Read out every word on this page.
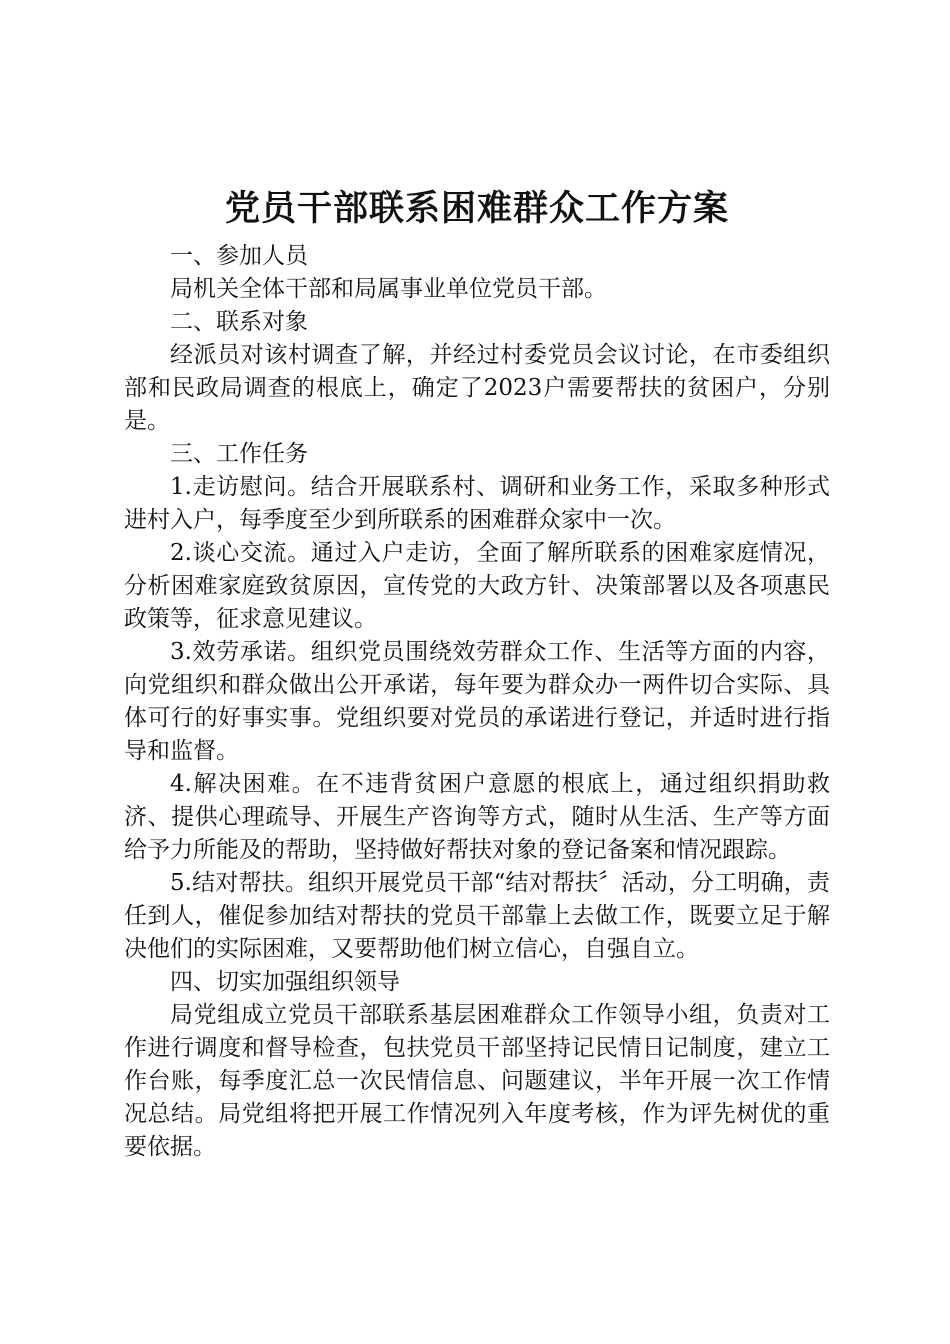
党员干部联系困难群众工作方案

一、参加人员

局机关全体干部和局属事业单位党员干部。

二、联系对象

经派员对该村调查了解，并经过村委党员会议讨论，在市委组织部和民政局调查的根底上，确定了2023户需要帮扶的贫困户，分别是。

三、工作任务

1.走访慰问。结合开展联系村、调研和业务工作，采取多种形式进村入户，每季度至少到所联系的困难群众家中一次。

2.谈心交流。通过入户走访，全面了解所联系的困难家庭情况，分析困难家庭致贫原因，宣传党的大政方针、决策部署以及各项惠民政策等，征求意见建议。

3.效劳承诺。组织党员围绕效劳群众工作、生活等方面的内容，向党组织和群众做出公开承诺，每年要为群众办一两件切合实际、具体可行的好事实事。党组织要对党员的承诺进行登记，并适时进行指导和监督。

4.解决困难。在不违背贫困户意愿的根底上，通过组织捐助救济、提供心理疏导、开展生产咨询等方式，随时从生活、生产等方面给予力所能及的帮助，坚持做好帮扶对象的登记备案和情况跟踪。

5.结对帮扶。组织开展党员干部“结对帮扶〞活动，分工明确，责任到人，催促参加结对帮扶的党员干部靠上去做工作，既要立足于解决他们的实际困难，又要帮助他们树立信心，自强自立。

四、切实加强组织领导

局党组成立党员干部联系基层困难群众工作领导小组，负责对工作进行调度和督导检查，包扶党员干部坚持记民情日记制度，建立工作台账，每季度汇总一次民情信息、问题建议，半年开展一次工作情况总结。局党组将把开展工作情况列入年度考核，作为评先树优的重要依据。
